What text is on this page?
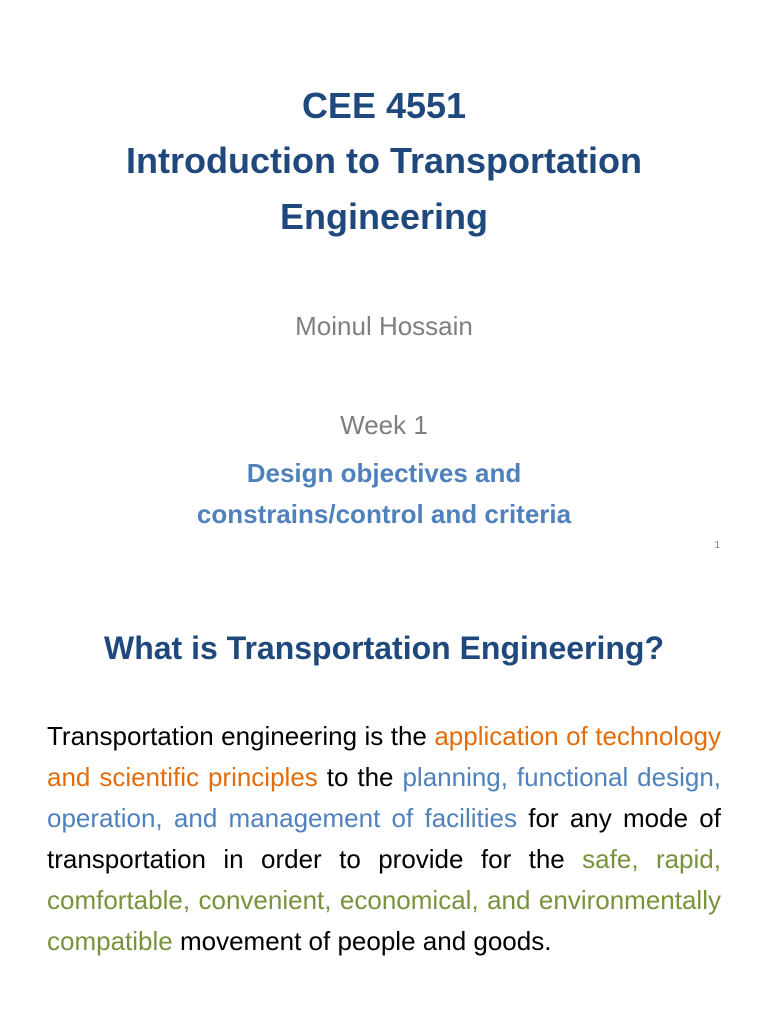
CEE 4551
Introduction to Transportation
Engineering
Moinul Hossain
Week 1
Design objectives and
constrains/control and criteria
1
What is Transportation Engineering?
Transportation engineering is the application of technology and scientific principles to the planning, functional design, operation, and management of facilities for any mode of transportation in order to provide for the safe, rapid, comfortable, convenient, economical, and environmentally compatible movement of people and goods.
